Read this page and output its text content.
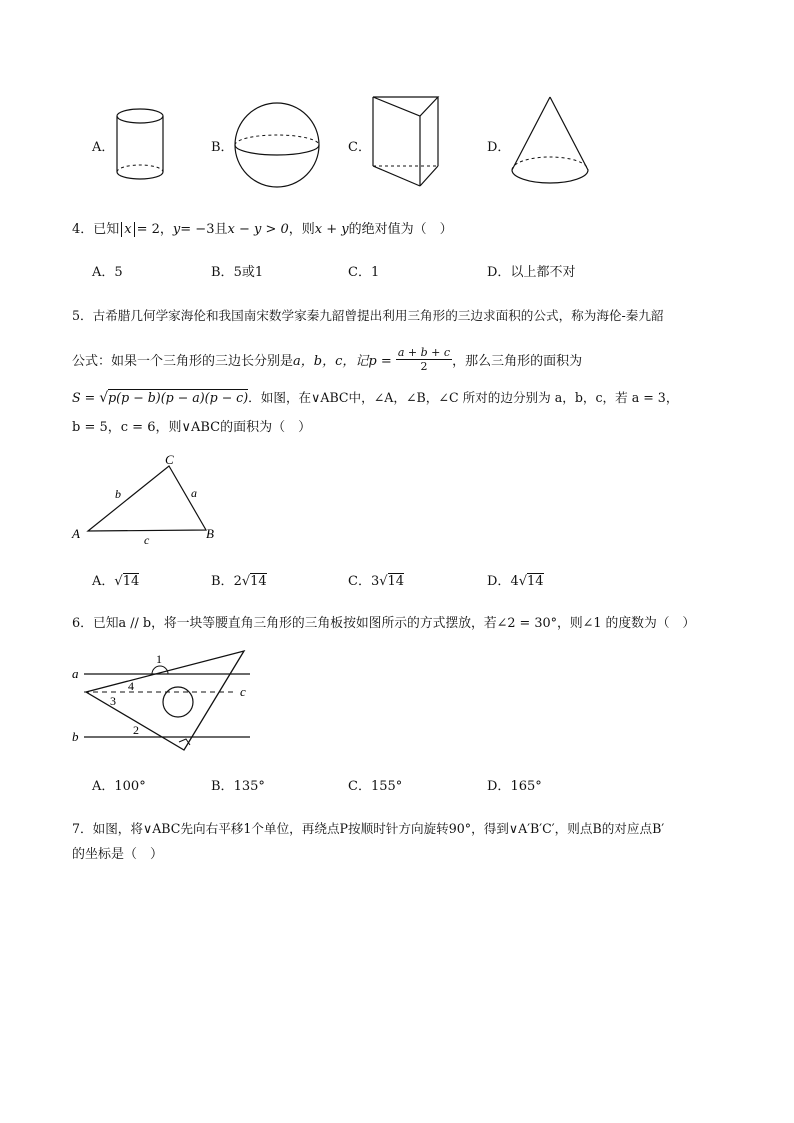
A．	B．	C．	D．
4．已知 x = 2，y= −3且x − y > 0，则x + y的绝对值为（　）
A．5	B．5或1	C．1	D．以上都不对
5．古希腊几何学家海伦和我国南宋数学家秦九韶曾提出利用三角形的三边求面积的公式，称为海伦-秦九韶
公式：如果一个三角形的三边长分别是a，b，c，记$p = \frac{a + b + c}{2}$ ，那么三角形的面积为
S = √p(p − b)(p − a)(p − c)．如图，在∨ABC中，∠A，∠B，∠C 所对的边分别为 a，b，c，若 a = 3，
b = 5，c = 6，则∨ABC的面积为（　）
A	B
C
a
b
c
A．√14	B．2√14	C．3√14	D．4√14
6．已知a // b，将一块等腰直角三角形的三角板按如图所示的方式摆放，若∠2 = 30°，则∠1 的度数为（　）
1
2
3
4
a
b
c
A．100°	B．135°	C．155°	D．165°
7．如图，将∨ABC先向右平移1个单位，再绕点P按顺时针方向旋转90°，得到∨A′B′C′，则点B的对应点B′
的坐标是（　）
